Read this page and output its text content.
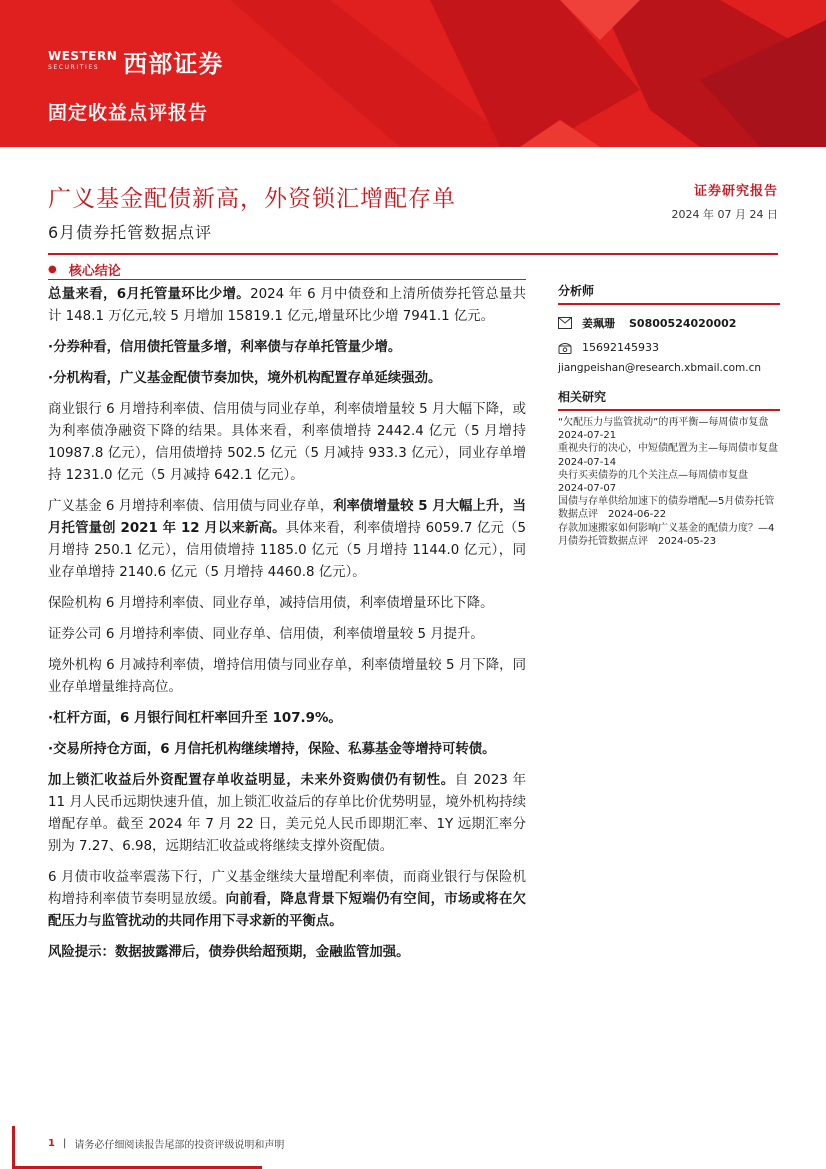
WESTERN
SECURITIES	西部证券
固定收益点评报告
广义基金配债新高，外资锁汇增配存单
6月债券托管数据点评
证券研究报告
2024 年 07 月 24 日
● 核心结论

总量来看，6月托管量环比少增。2024 年 6 月中债登和上清所债券托管总量共计 148.1 万亿元,较 5 月增加 15819.1 亿元,增量环比少增 7941.1 亿元。

·分券种看，信用债托管量多增，利率债与存单托管量少增。

·分机构看，广义基金配债节奏加快，境外机构配置存单延续强劲。

商业银行 6 月增持利率债、信用债与同业存单，利率债增量较 5 月大幅下降，或为利率债净融资下降的结果。具体来看，利率债增持 2442.4 亿元（5 月增持 10987.8 亿元），信用债增持 502.5 亿元（5 月减持 933.3 亿元），同业存单增持 1231.0 亿元（5 月减持 642.1 亿元）。

广义基金 6 月增持利率债、信用债与同业存单，利率债增量较 5 月大幅上升，当月托管量创 2021 年 12 月以来新高。具体来看，利率债增持 6059.7 亿元（5 月增持 250.1 亿元），信用债增持 1185.0 亿元（5 月增持 1144.0 亿元），同业存单增持 2140.6 亿元（5 月增持 4460.8 亿元）。

保险机构 6 月增持利率债、同业存单，减持信用债，利率债增量环比下降。

证券公司 6 月增持利率债、同业存单、信用债，利率债增量较 5 月提升。

境外机构 6 月减持利率债，增持信用债与同业存单，利率债增量较 5 月下降，同业存单增量维持高位。

·杠杆方面，6 月银行间杠杆率回升至 107.9%。

·交易所持仓方面，6 月信托机构继续增持，保险、私募基金等增持可转债。

加上锁汇收益后外资配置存单收益明显，未来外资购债仍有韧性。自 2023 年 11 月人民币远期快速升值，加上锁汇收益后的存单比价优势明显，境外机构持续增配存单。截至 2024 年 7 月 22 日，美元兑人民币即期汇率、1Y 远期汇率分别为 7.27、6.98，远期结汇收益或将继续支撑外资配债。

6 月债市收益率震荡下行，广义基金继续大量增配利率债，而商业银行与保险机构增持利率债节奏明显放缓。向前看，降息背景下短端仍有空间，市场或将在欠配压力与监管扰动的共同作用下寻求新的平衡点。

风险提示：数据披露滞后，债券供给超预期，金融监管加强。

分析师
姜珮珊 S0800524020002
15692145933
jiangpeishan@research.xbmail.com.cn
相关研究
“欠配压力与监管扰动”的再平衡—每周债市复盘　2024-07-21
重视央行的决心，中短债配置为主—每周债市复盘　2024-07-14
央行买卖债券的几个关注点—每周债市复盘 2024-07-07
国债与存单供给加速下的债券增配—5月债券托管数据点评　2024-06-22
存款加速搬家如何影响广义基金的配债力度？—4月债券托管数据点评　2024-05-23
1 | 请务必仔细阅读报告尾部的投资评级说明和声明
